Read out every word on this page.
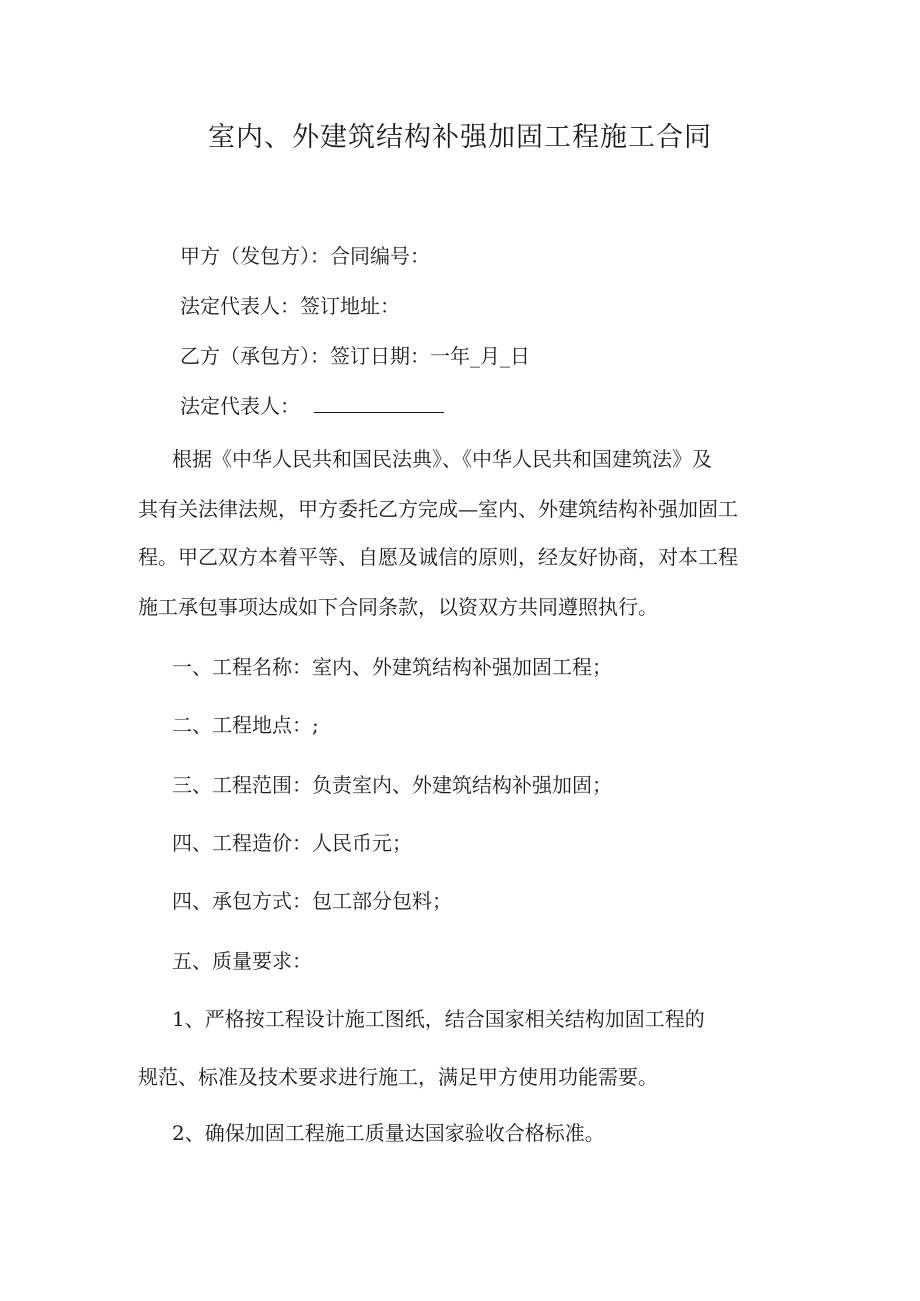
室内、外建筑结构补强加固工程施工合同
甲方（发包方）：合同编号：
法定代表人：签订地址：
乙方（承包方）：签订日期：一年_月_日
法定代表人：
根据《中华人民共和国民法典》、《中华人民共和国建筑法》及
其有关法律法规，甲方委托乙方完成—室内、外建筑结构补强加固工
程。甲乙双方本着平等、自愿及诚信的原则，经友好协商，对本工程
施工承包事项达成如下合同条款，以资双方共同遵照执行。
一、工程名称：室内、外建筑结构补强加固工程；
二、工程地点：;
三、工程范围：负责室内、外建筑结构补强加固；
四、工程造价：人民币元；
四、承包方式：包工部分包料；
五、质量要求：
1、严格按工程设计施工图纸，结合国家相关结构加固工程的
规范、标准及技术要求进行施工，满足甲方使用功能需要。
2、确保加固工程施工质量达国家验收合格标准。
